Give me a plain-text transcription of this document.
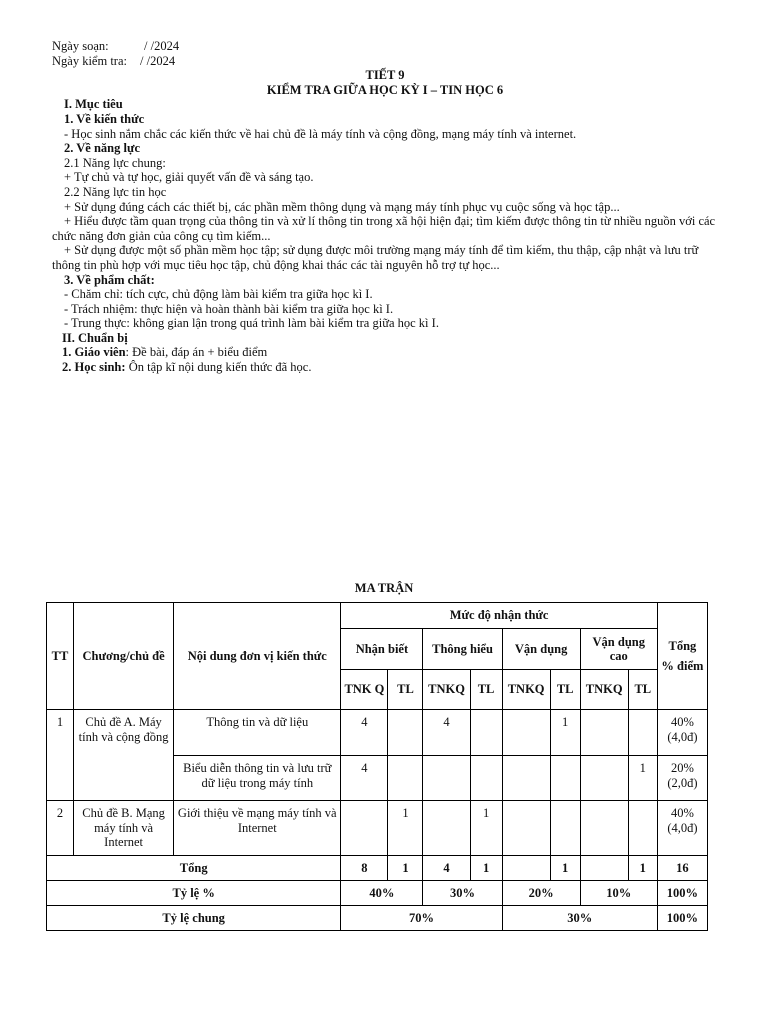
Ngày soạn:	/ /2024
Ngày kiểm tra: / /2024
TIẾT 9
KIỂM TRA GIỮA HỌC KỲ I – TIN HỌC 6
I. Mục tiêu
1. Về kiến thức
- Học sinh nắm chắc các kiến thức về hai chủ đề là máy tính và cộng đồng, mạng máy tính và internet.
2. Về năng lực
2.1 Năng lực chung:
+ Tự chủ và tự học, giải quyết vấn đề và sáng tạo.
2.2 Năng lực tin học
+ Sử dụng đúng cách các thiết bị, các phần mềm thông dụng và mạng máy tính phục vụ cuộc sống và học tập...
+ Hiểu được tầm quan trọng của thông tin và xử lí thông tin trong xã hội hiện đại; tìm kiếm được thông tin từ nhiều nguồn với các chức năng đơn giản của công cụ tìm kiếm...
+ Sử dụng được một số phần mềm học tập; sử dụng được môi trường mạng máy tính để tìm kiếm, thu thập, cập nhật và lưu trữ thông tin phù hợp với mục tiêu học tập, chủ động khai thác các tài nguyên hỗ trợ tự học...
3. Về phẩm chất:
- Chăm chỉ: tích cực, chủ động làm bài kiểm tra giữa học kì I.
- Trách nhiệm: thực hiện và hoàn thành bài kiểm tra giữa học kì I.
- Trung thực: không gian lận trong quá trình làm bài kiểm tra giữa học kì I.
II. Chuẩn bị
1. Giáo viên: Đề bài, đáp án + biểu điểm
2. Học sinh: Ôn tập kĩ nội dung kiến thức đã học.
MA TRẬN
TT	Chương/chủ đề	Nội dung đơn vị kiến thức	Mức độ nhận thức								Tổng % điểm
			Nhận biết		Thông hiểu		Vận dụng		Vận dụng cao		
			TNK Q	TL	TNKQ	TL	TNKQ	TL	TNKQ	TL	
1	Chủ đề A. Máy tính và cộng đồng	Thông tin và dữ liệu	4		4			1			40%
(4,0đ)
		Biểu diễn thông tin và lưu trữ dữ liệu trong máy tính	4							1	20%
(2,0đ)
2	Chủ đề B. Mạng máy tính và Internet	Giới thiệu về mạng máy tính và Internet		1		1					40%
(4,0đ)
Tổng			8	1	4	1		1		1	16
Tỷ lệ %			40%		30%		20%		10%		100%
Tỷ lệ chung			70%				30%				100%
